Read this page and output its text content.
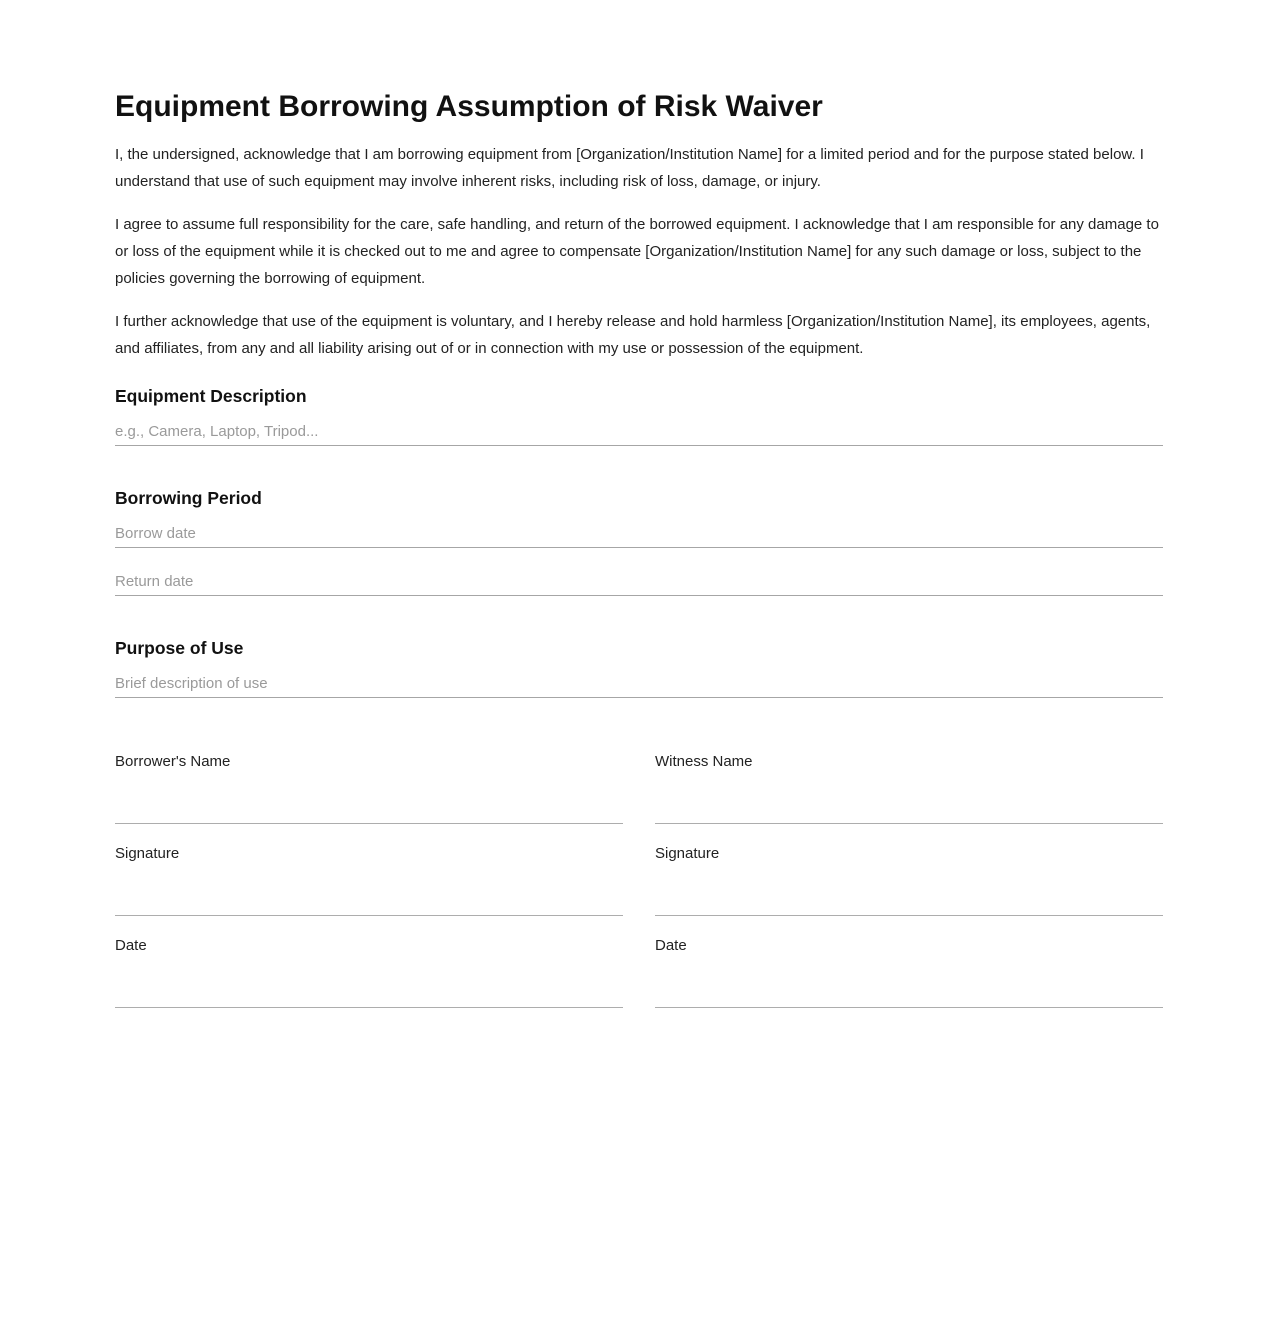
Equipment Borrowing Assumption of Risk Waiver

I, the undersigned, acknowledge that I am borrowing equipment from [Organization/Institution Name] for a limited period and for the purpose stated below. I understand that use of such equipment may involve inherent risks, including risk of loss, damage, or injury.

I agree to assume full responsibility for the care, safe handling, and return of the borrowed equipment. I acknowledge that I am responsible for any damage to or loss of the equipment while it is checked out to me and agree to compensate [Organization/Institution Name] for any such damage or loss, subject to the policies governing the borrowing of equipment.

I further acknowledge that use of the equipment is voluntary, and I hereby release and hold harmless [Organization/Institution Name], its employees, agents, and affiliates, from any and all liability arising out of or in connection with my use or possession of the equipment.

Equipment Description
e.g., Camera, Laptop, Tripod...
Borrowing Period
Borrow date
Return date
Purpose of Use
Brief description of use
Borrower's Name
Signature
Date
Witness Name
Signature
Date
